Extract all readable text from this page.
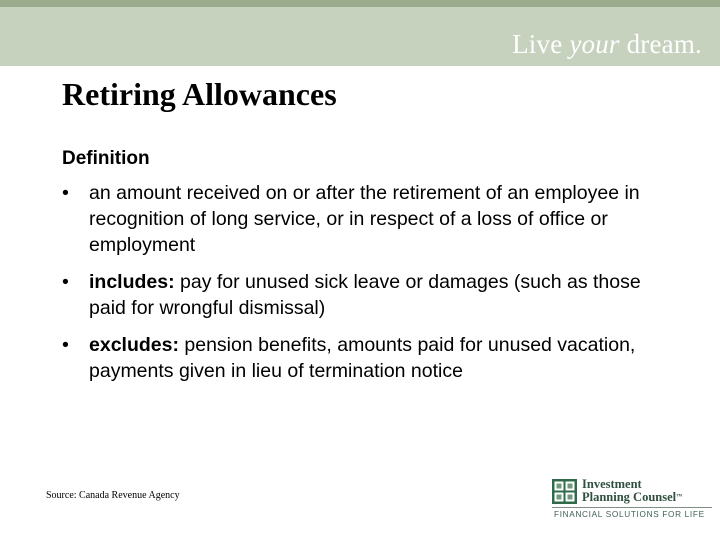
Live your dream.
Retiring Allowances
Definition
• an amount received on or after the retirement of an employee in recognition of long service, or in respect of a loss of office or employment
• includes: pay for unused sick leave or damages (such as those paid for wrongful dismissal)
• excludes: pension benefits, amounts paid for unused vacation, payments given in lieu of termination notice
Source: Canada Revenue Agency
Investment
Planning Counsel™
FINANCIAL SOLUTIONS FOR LIFE
